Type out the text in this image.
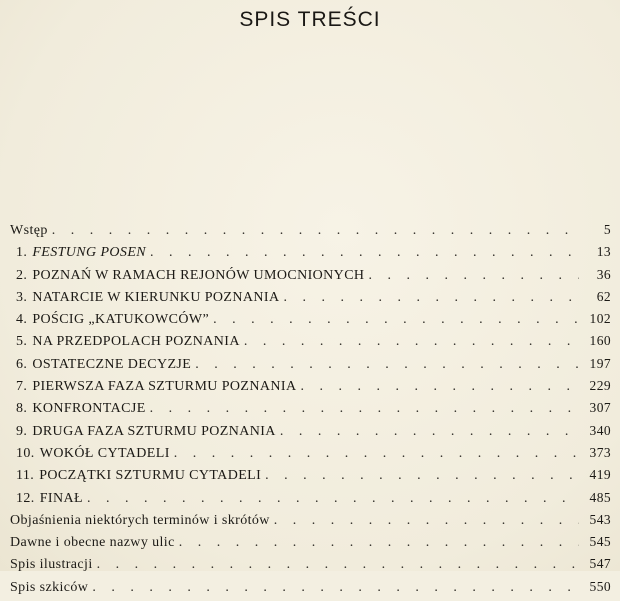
SPIS TREŚCI
Wstęp . . .	5
1. FESTUNG POSEN . . .	13
2. POZNAŃ W RAMACH REJONÓW UMOCNIONYCH . . .	36
3. NATARCIE W KIERUNKU POZNANIA . . .	62
4. POŚCIG „KATUKOWCÓW” . . .	102
5. NA PRZEDPOLACH POZNANIA . . .	160
6. OSTATECZNE DECYZJE . . .	197
7. PIERWSZA FAZA SZTURMU POZNANIA . . .	229
8. KONFRONTACJE . . .	307
9. DRUGA FAZA SZTURMU POZNANIA . . .	340
10. WOKÓŁ CYTADELI . . .	373
11. POCZĄTKI SZTURMU CYTADELI . . .	419
12. FINAŁ . . .	485
Objaśnienia niektórych terminów i skrótów . . .	543
Dawne i obecne nazwy ulic . . .	545
Spis ilustracji . . .	547
Spis szkiców . . .	550
